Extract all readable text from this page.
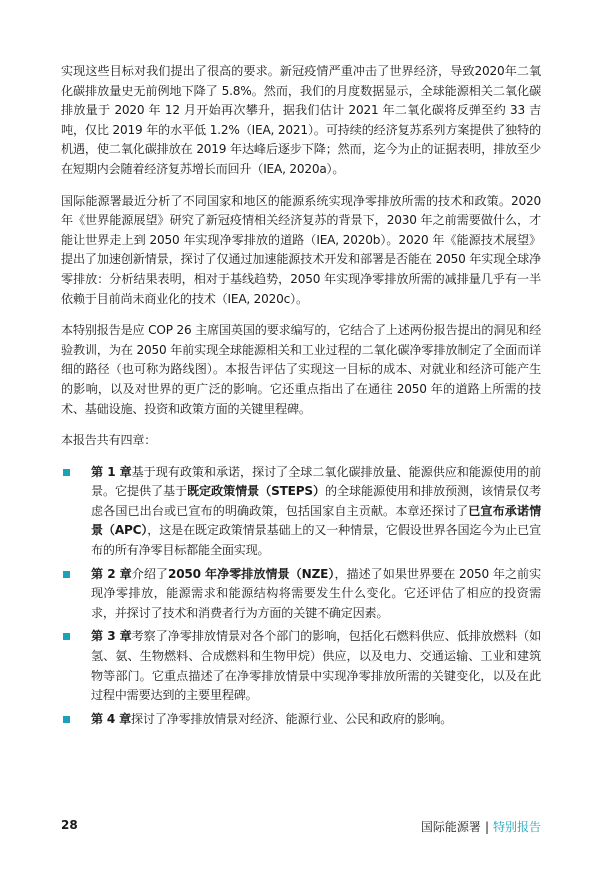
实现这些目标对我们提出了很高的要求。新冠疫情严重冲击了世界经济，导致2020年二氧化碳排放量史无前例地下降了 5.8%。然而，我们的月度数据显示，全球能源相关二氧化碳排放量于 2020 年 12 月开始再次攀升，据我们估计 2021 年二氧化碳将反弹至约 33 吉吨，仅比 2019 年的水平低 1.2%（IEA, 2021）。可持续的经济复苏系列方案提供了独特的机遇，使二氧化碳排放在 2019 年达峰后逐步下降；然而，迄今为止的证据表明，排放至少在短期内会随着经济复苏增长而回升（IEA, 2020a）。

国际能源署最近分析了不同国家和地区的能源系统实现净零排放所需的技术和政策。2020 年《世界能源展望》研究了新冠疫情相关经济复苏的背景下，2030 年之前需要做什么，才能让世界走上到 2050 年实现净零排放的道路（IEA, 2020b）。2020 年《能源技术展望》提出了加速创新情景，探讨了仅通过加速能源技术开发和部署是否能在 2050 年实现全球净零排放：分析结果表明，相对于基线趋势，2050 年实现净零排放所需的减排量几乎有一半依赖于目前尚未商业化的技术（IEA, 2020c）。

本特别报告是应 COP 26 主席国英国的要求编写的，它结合了上述两份报告提出的洞见和经验教训，为在 2050 年前实现全球能源相关和工业过程的二氧化碳净零排放制定了全面而详细的路径（也可称为路线图）。本报告评估了实现这一目标的成本、对就业和经济可能产生的影响，以及对世界的更广泛的影响。它还重点指出了在通往 2050 年的道路上所需的技术、基础设施、投资和政策方面的关键里程碑。

本报告共有四章：

第 1 章基于现有政策和承诺，探讨了全球二氧化碳排放量、能源供应和能源使用的前景。它提供了基于既定政策情景（STEPS）的全球能源使用和排放预测，该情景仅考虑各国已出台或已宣布的明确政策，包括国家自主贡献。本章还探讨了已宣布承诺情景（APC），这是在既定政策情景基础上的又一种情景，它假设世界各国迄今为止已宣布的所有净零目标都能全面实现。
第 2 章介绍了2050 年净零排放情景（NZE），描述了如果世界要在 2050 年之前实现净零排放，能源需求和能源结构将需要发生什么变化。它还评估了相应的投资需求，并探讨了技术和消费者行为方面的关键不确定因素。
第 3 章考察了净零排放情景对各个部门的影响，包括化石燃料供应、低排放燃料（如氢、氨、生物燃料、合成燃料和生物甲烷）供应，以及电力、交通运输、工业和建筑物等部门。它重点描述了在净零排放情景中实现净零排放所需的关键变化，以及在此过程中需要达到的主要里程碑。
第 4 章探讨了净零排放情景对经济、能源行业、公民和政府的影响。
28	国际能源署 | 特别报告
